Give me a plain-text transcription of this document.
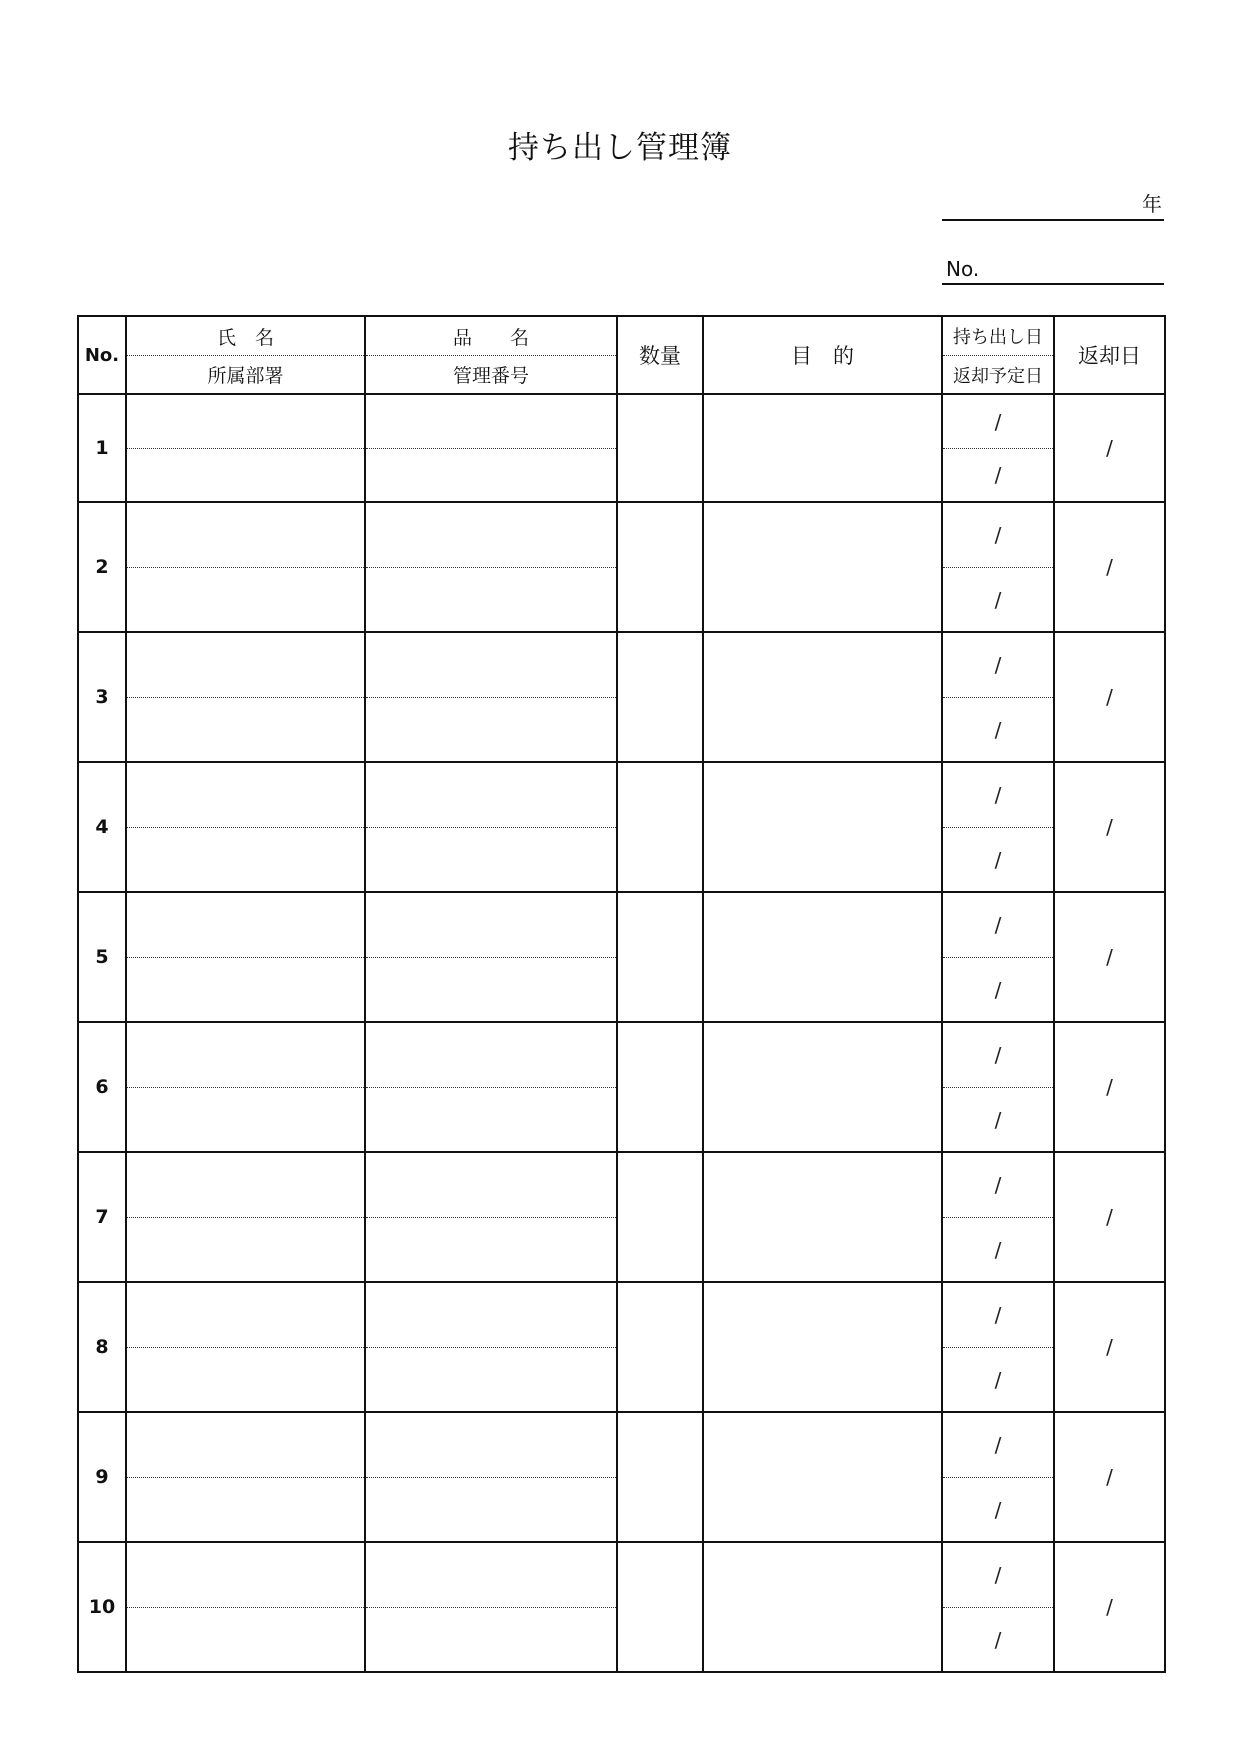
持ち出し管理簿
年
No.
No.	氏　名	品　　名	数量	目　的	持ち出し日	返却日
	所属部署	管理番号			返却予定日	
1					/	/
					/	
2					/	/
					/	
3					/	/
					/	
4					/	/
					/	
5					/	/
					/	
6					/	/
					/	
7					/	/
					/	
8					/	/
					/	
9					/	/
					/	
10					/	/
					/	
